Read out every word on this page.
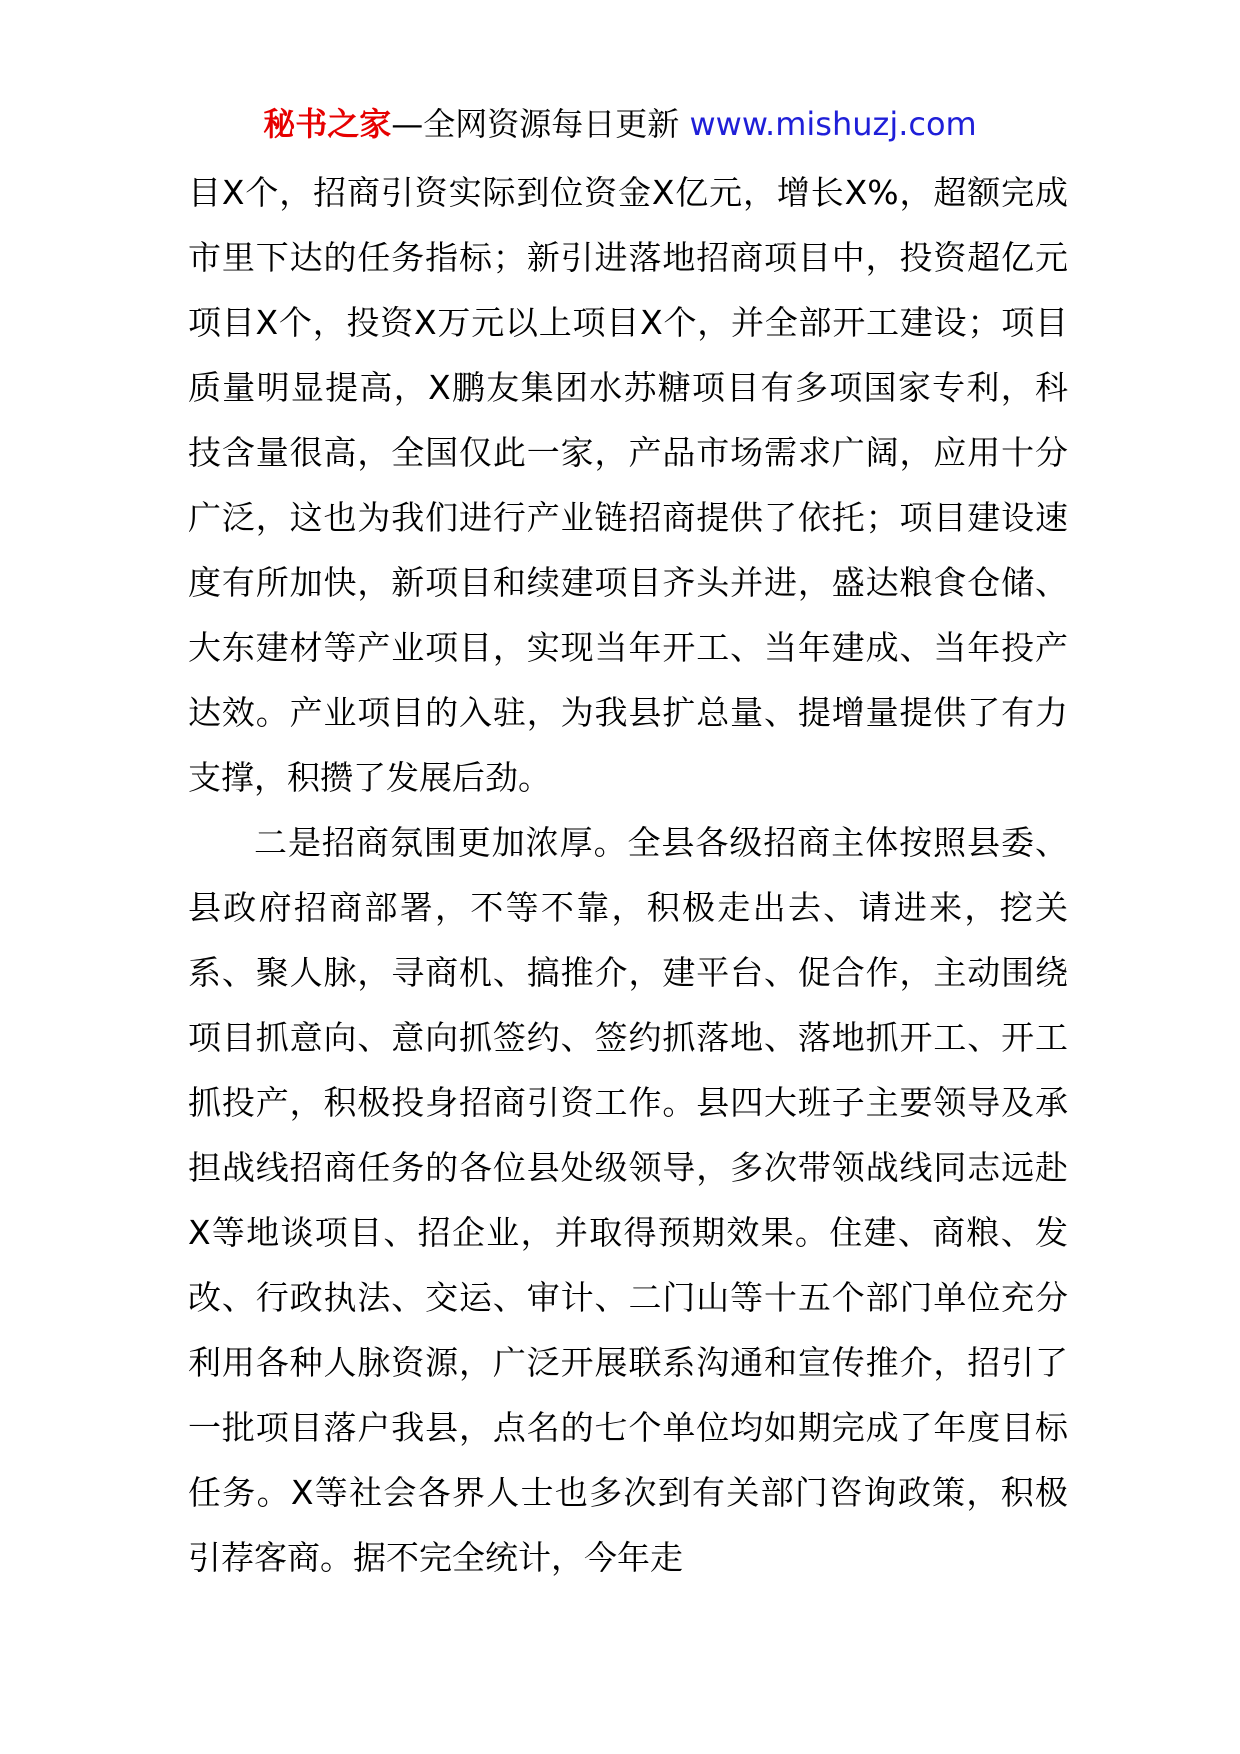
秘书之家—全网资源每日更新 www.mishuzj.com

目X个，招商引资实际到位资金X亿元，增长X%，超额完成市里下达的任务指标；新引进落地招商项目中，投资超亿元项目X个，投资X万元以上项目X个，并全部开工建设；项目质量明显提高，X鹏友集团水苏糖项目有多项国家专利，科技含量很高，全国仅此一家，产品市场需求广阔，应用十分广泛，这也为我们进行产业链招商提供了依托；项目建设速度有所加快，新项目和续建项目齐头并进，盛达粮食仓储、大东建材等产业项目，实现当年开工、当年建成、当年投产达效。产业项目的入驻，为我县扩总量、提增量提供了有力支撑，积攒了发展后劲。

二是招商氛围更加浓厚。全县各级招商主体按照县委、县政府招商部署，不等不靠，积极走出去、请进来，挖关系、聚人脉，寻商机、搞推介，建平台、促合作，主动围绕项目抓意向、意向抓签约、签约抓落地、落地抓开工、开工抓投产，积极投身招商引资工作。县四大班子主要领导及承担战线招商任务的各位县处级领导，多次带领战线同志远赴X等地谈项目、招企业，并取得预期效果。住建、商粮、发改、行政执法、交运、审计、二门山等十五个部门单位充分利用各种人脉资源，广泛开展联系沟通和宣传推介，招引了一批项目落户我县，点名的七个单位均如期完成了年度目标任务。X等社会各界人士也多次到有关部门咨询政策，积极引荐客商。据不完全统计，今年走
